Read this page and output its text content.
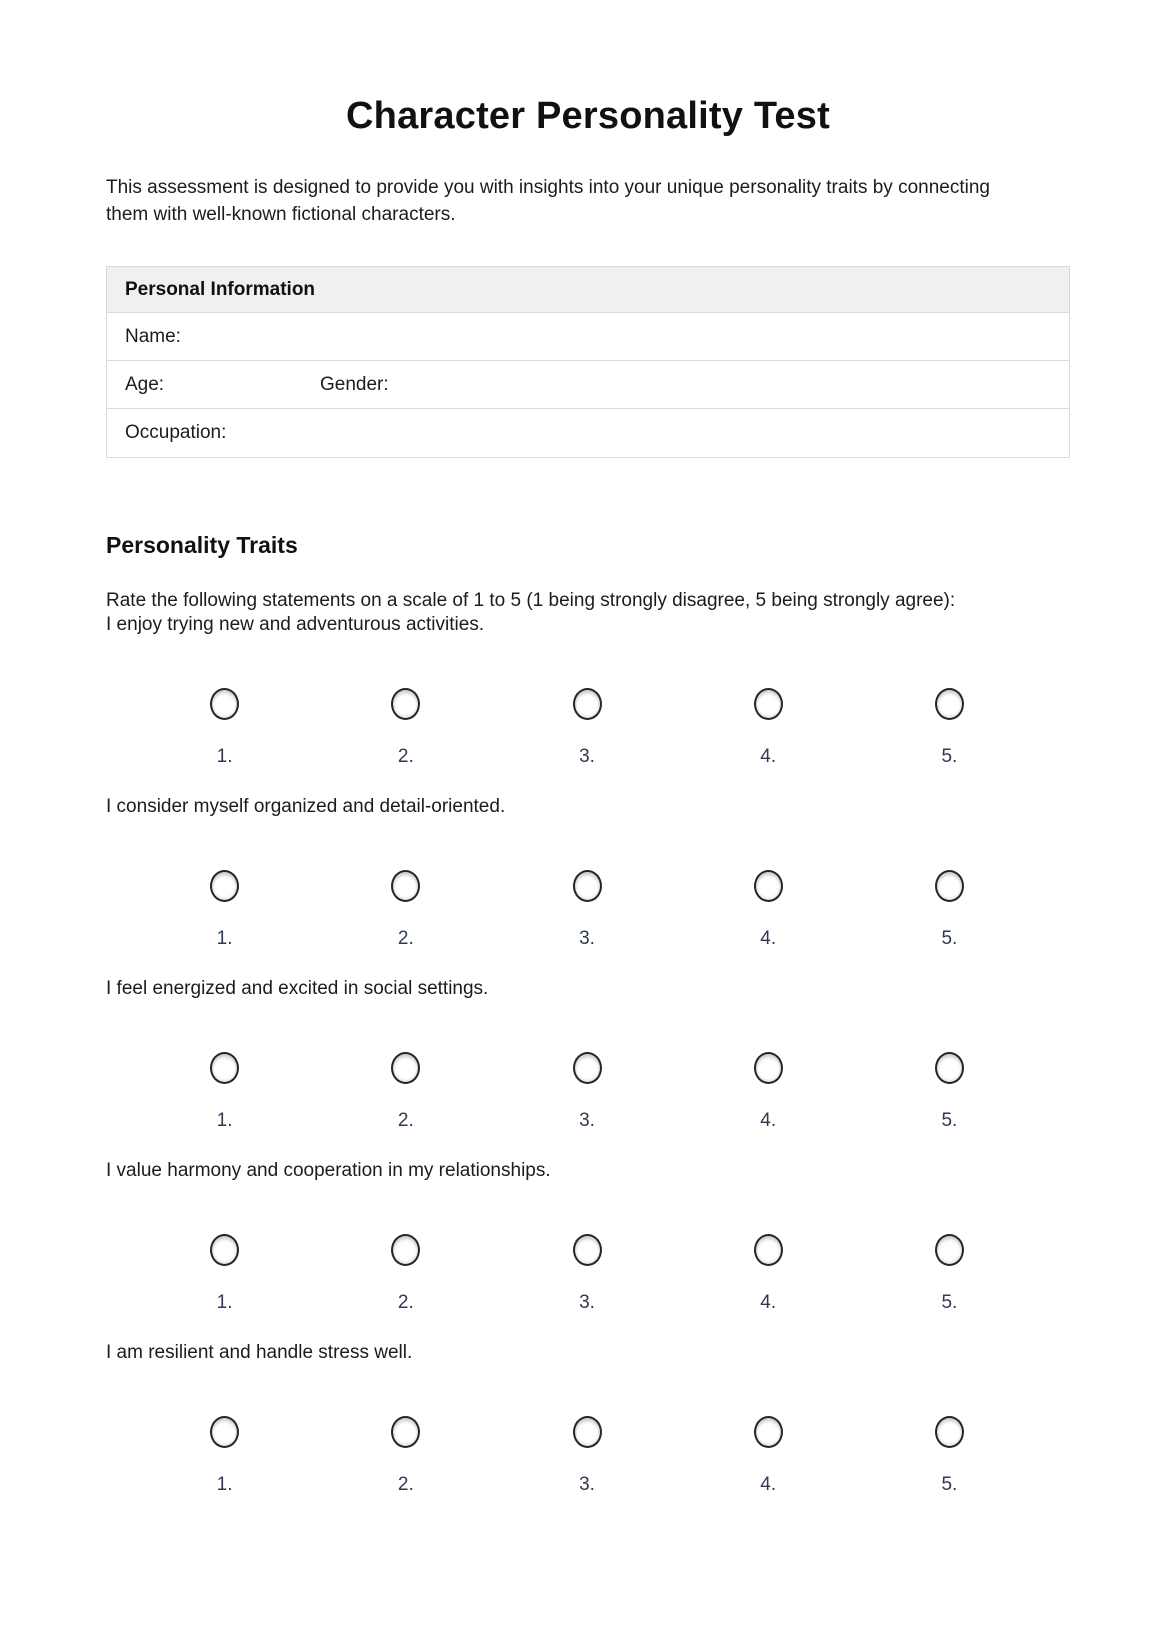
Character Personality Test

This assessment is designed to provide you with insights into your unique personality traits by connecting them with well-known fictional characters.

Personal Information
Name:
Age:	Gender:
Occupation:
Personality Traits

Rate the following statements on a scale of 1 to 5 (1 being strongly disagree, 5 being strongly agree):

I enjoy trying new and adventurous activities.

1.	2.	3.	4.	5.

I consider myself organized and detail-oriented.

1.	2.	3.	4.	5.

I feel energized and excited in social settings.

1.	2.	3.	4.	5.

I value harmony and cooperation in my relationships.

1.	2.	3.	4.	5.

I am resilient and handle stress well.

1.	2.	3.	4.	5.
